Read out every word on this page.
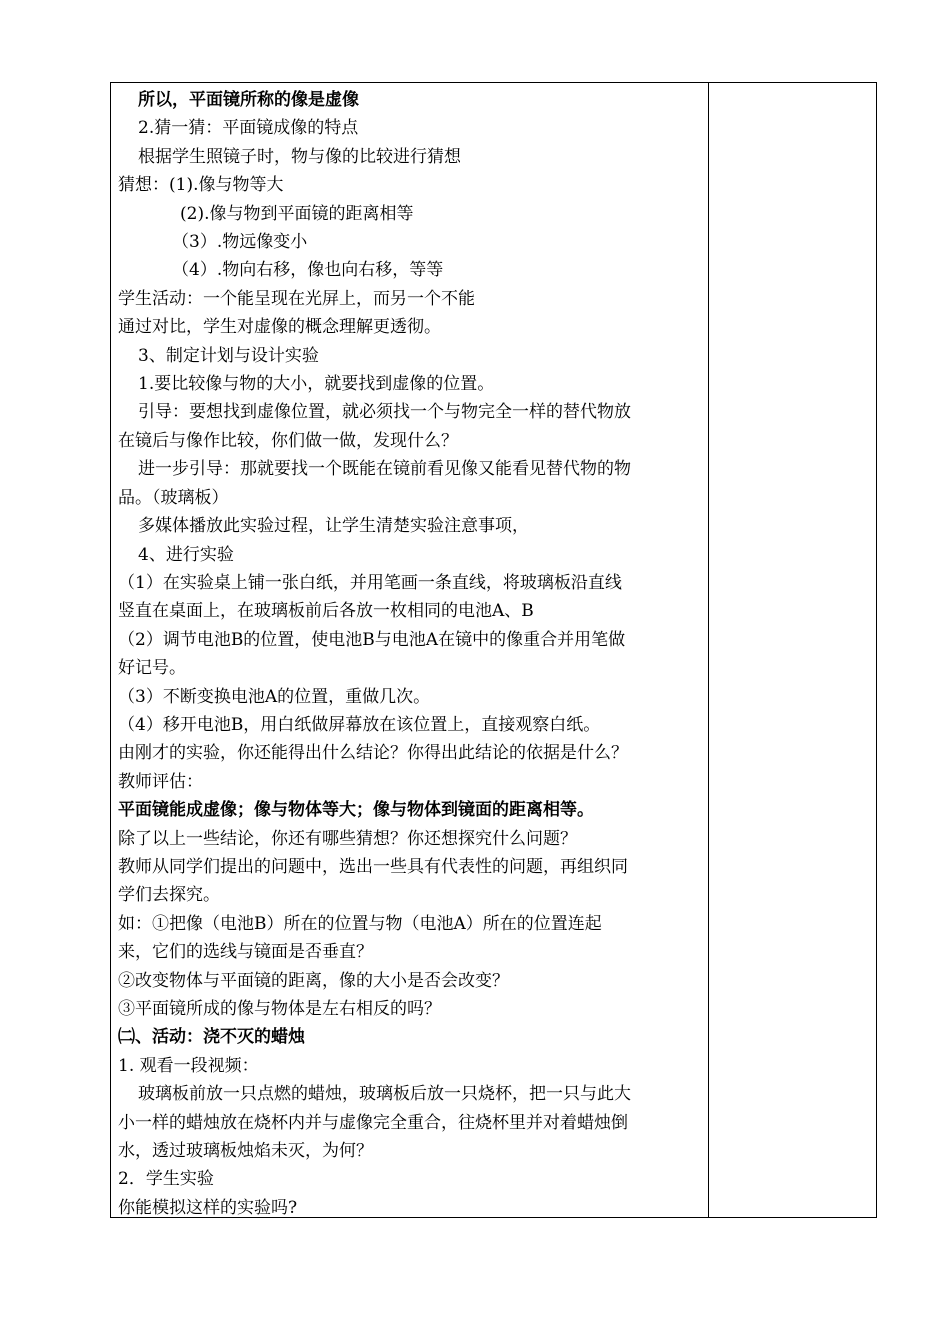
所以，平面镜所称的像是虚像

2.猜一猜：平面镜成像的特点

根据学生照镜子时，物与像的比较进行猜想

猜想：(1).像与物等大

(2).像与物到平面镜的距离相等

（3）.物远像变小

（4）.物向右移，像也向右移，等等

学生活动：一个能呈现在光屏上，而另一个不能

通过对比，学生对虚像的概念理解更透彻。

3、制定计划与设计实验

1.要比较像与物的大小，就要找到虚像的位置。

引导：要想找到虚像位置，就必须找一个与物完全一样的替代物放

在镜后与像作比较，你们做一做，发现什么？

进一步引导：那就要找一个既能在镜前看见像又能看见替代物的物

品。（玻璃板）

多媒体播放此实验过程，让学生清楚实验注意事项，

4、进行实验

（1）在实验桌上铺一张白纸，并用笔画一条直线，将玻璃板沿直线

竖直在桌面上，在玻璃板前后各放一枚相同的电池A、B

（2）调节电池B的位置，使电池B与电池A在镜中的像重合并用笔做

好记号。

（3）不断变换电池A的位置，重做几次。

（4）移开电池B，用白纸做屏幕放在该位置上，直接观察白纸。

由刚才的实验，你还能得出什么结论？你得出此结论的依据是什么？

教师评估：

平面镜能成虚像；像与物体等大；像与物体到镜面的距离相等。

除了以上一些结论，你还有哪些猜想？你还想探究什么问题？

教师从同学们提出的问题中，选出一些具有代表性的问题，再组织同

学们去探究。

如：①把像（电池B）所在的位置与物（电池A）所在的位置连起

来，它们的选线与镜面是否垂直？

②改变物体与平面镜的距离，像的大小是否会改变？

③平面镜所成的像与物体是左右相反的吗？

㈡、活动：浇不灭的蜡烛

1. 观看一段视频：

玻璃板前放一只点燃的蜡烛，玻璃板后放一只烧杯，把一只与此大

小一样的蜡烛放在烧杯内并与虚像完全重合，往烧杯里并对着蜡烛倒

水，透过玻璃板烛焰未灭，为何？

2．学生实验

你能模拟这样的实验吗?
